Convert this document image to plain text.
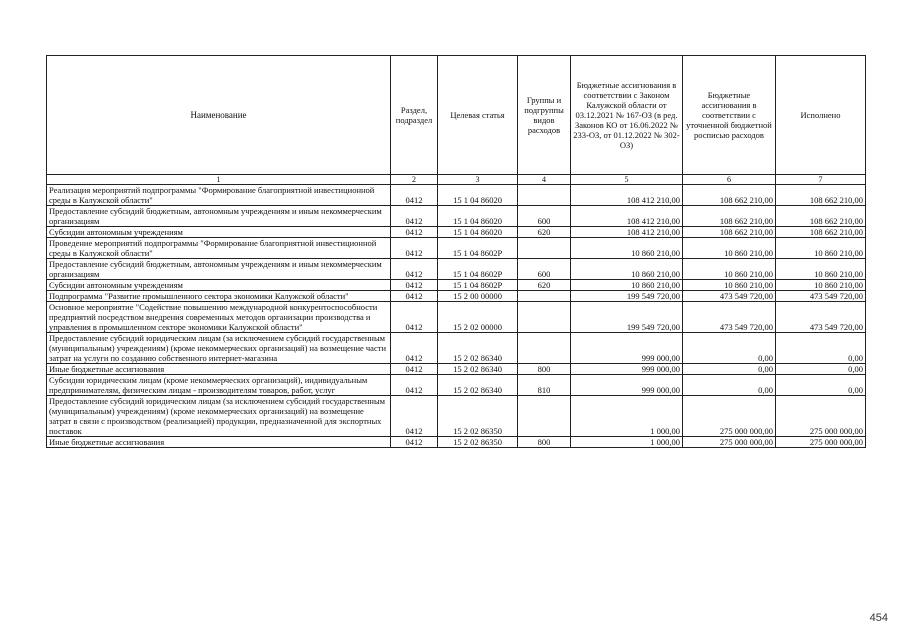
Наименование	Раздел, подраздел	Целевая статья	Группы и подгруппы видов расходов	Бюджетные ассигнования в соответствии с Законом Калужской области от 03.12.2021 № 167-ОЗ (в ред. Законов КО от 16.06.2022 № 233-ОЗ, от 01.12.2022 № 302-ОЗ)	Бюджетные ассигнования в соответствии с уточненной бюджетной росписью расходов	Исполнено
1	2	3	4	5	6	7
Реализация мероприятий подпрограммы "Формирование благоприятной инвестиционной среды в Калужской области"	0412	15 1 04 86020		108 412 210,00	108 662 210,00	108 662 210,00
Предоставление субсидий бюджетным, автономным учреждениям и иным некоммерческим организациям	0412	15 1 04 86020	600	108 412 210,00	108 662 210,00	108 662 210,00
Субсидии автономным учреждениям	0412	15 1 04 86020	620	108 412 210,00	108 662 210,00	108 662 210,00
Проведение мероприятий подпрограммы "Формирование благоприятной инвестиционной среды в Калужской области"	0412	15 1 04 8602Р		10 860 210,00	10 860 210,00	10 860 210,00
Предоставление субсидий бюджетным, автономным учреждениям и иным некоммерческим организациям	0412	15 1 04 8602Р	600	10 860 210,00	10 860 210,00	10 860 210,00
Субсидии автономным учреждениям	0412	15 1 04 8602Р	620	10 860 210,00	10 860 210,00	10 860 210,00
Подпрограмма "Развитие промышленного сектора экономики Калужской области"	0412	15 2 00 00000		199 549 720,00	473 549 720,00	473 549 720,00
Основное мероприятие "Содействие повышению международной конкурентоспособности предприятий посредством внедрения современных методов организации производства и управления в промышленном секторе экономики Калужской области"	0412	15 2 02 00000		199 549 720,00	473 549 720,00	473 549 720,00
Предоставление субсидий юридическим лицам (за исключением субсидий государственным (муниципальным) учреждениям) (кроме некоммерческих организаций) на возмещение части затрат на услуги по созданию собственного интернет-магазина	0412	15 2 02 86340		999 000,00	0,00	0,00
Иные бюджетные ассигнования	0412	15 2 02 86340	800	999 000,00	0,00	0,00
Субсидии юридическим лицам (кроме некоммерческих организаций), индивидуальным предпринимателям, физическим лицам - производителям товаров, работ, услуг	0412	15 2 02 86340	810	999 000,00	0,00	0,00
Предоставление субсидий юридическим лицам (за исключением субсидий государственным (муниципальным) учреждениям) (кроме некоммерческих организаций) на возмещение затрат в связи с производством (реализацией) продукции, предназначенной для экспортных поставок	0412	15 2 02 86350		1 000,00	275 000 000,00	275 000 000,00
Иные бюджетные ассигнования	0412	15 2 02 86350	800	1 000,00	275 000 000,00	275 000 000,00
454
